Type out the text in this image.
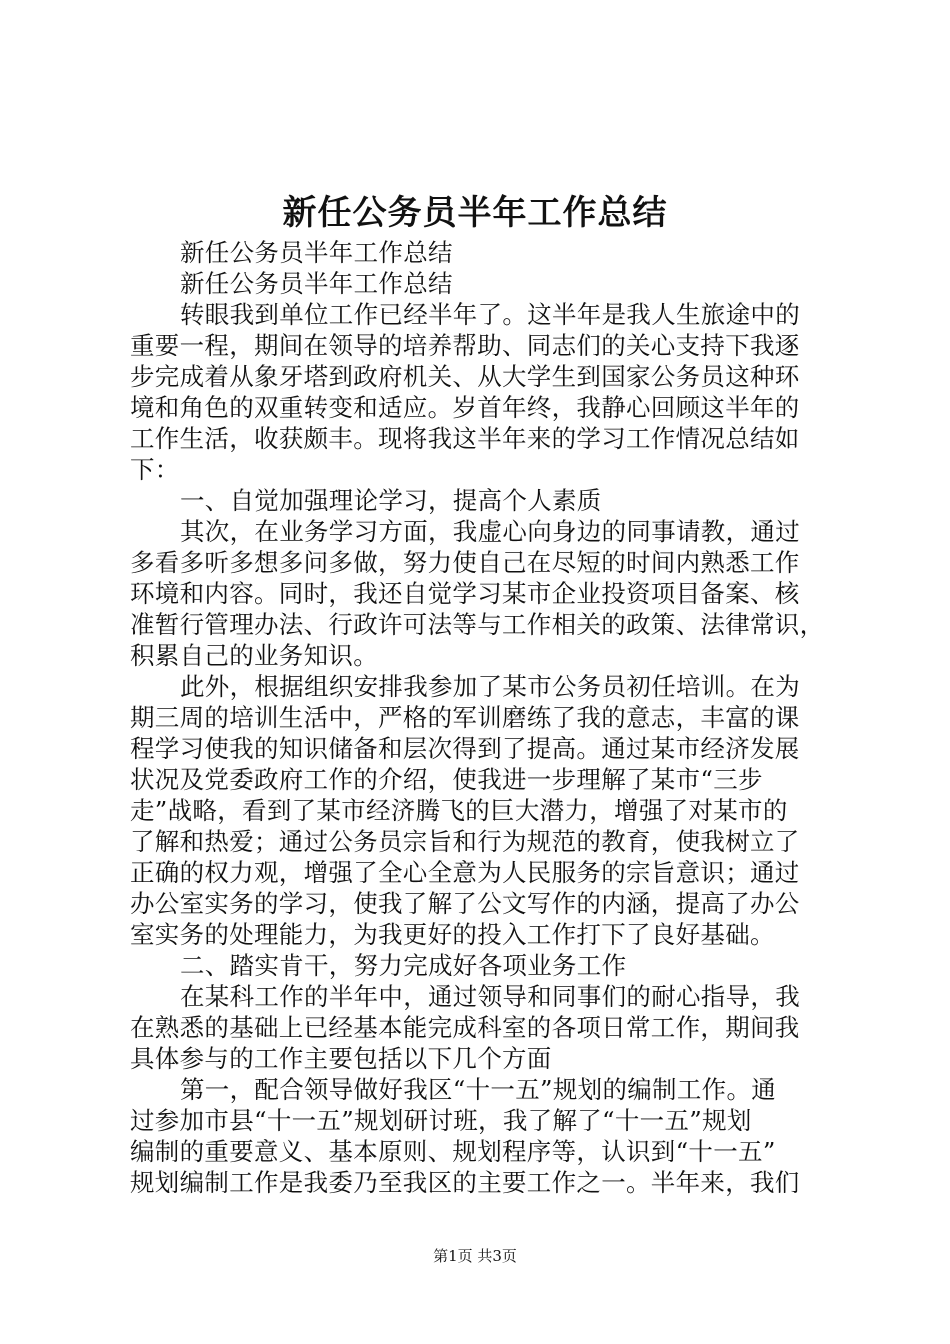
新任公务员半年工作总结
新任公务员半年工作总结
新任公务员半年工作总结
转眼我到单位工作已经半年了。这半年是我人生旅途中的
重要一程，期间在领导的培养帮助、同志们的关心支持下我逐
步完成着从象牙塔到政府机关、从大学生到国家公务员这种环
境和角色的双重转变和适应。岁首年终，我静心回顾这半年的
工作生活，收获颇丰。现将我这半年来的学习工作情况总结如
下：
一、自觉加强理论学习，提高个人素质
其次，在业务学习方面，我虚心向身边的同事请教，通过
多看多听多想多问多做，努力使自己在尽短的时间内熟悉工作
环境和内容。同时，我还自觉学习某市企业投资项目备案、核
准暂行管理办法、行政许可法等与工作相关的政策、法律常识，
积累自己的业务知识。
此外，根据组织安排我参加了某市公务员初任培训。在为
期三周的培训生活中，严格的军训磨练了我的意志，丰富的课
程学习使我的知识储备和层次得到了提高。通过某市经济发展
状况及党委政府工作的介绍，使我进一步理解了某市“三步
走”战略，看到了某市经济腾飞的巨大潜力，增强了对某市的
了解和热爱；通过公务员宗旨和行为规范的教育，使我树立了
正确的权力观，增强了全心全意为人民服务的宗旨意识；通过
办公室实务的学习，使我了解了公文写作的内涵，提高了办公
室实务的处理能力，为我更好的投入工作打下了良好基础。
二、踏实肯干，努力完成好各项业务工作
在某科工作的半年中，通过领导和同事们的耐心指导，我
在熟悉的基础上已经基本能完成科室的各项日常工作，期间我
具体参与的工作主要包括以下几个方面
第一，配合领导做好我区“十一五”规划的编制工作。通
过参加市县“十一五”规划研讨班，我了解了“十一五”规划
编制的重要意义、基本原则、规划程序等，认识到“十一五”
规划编制工作是我委乃至我区的主要工作之一。半年来，我们
第1页 共3页
